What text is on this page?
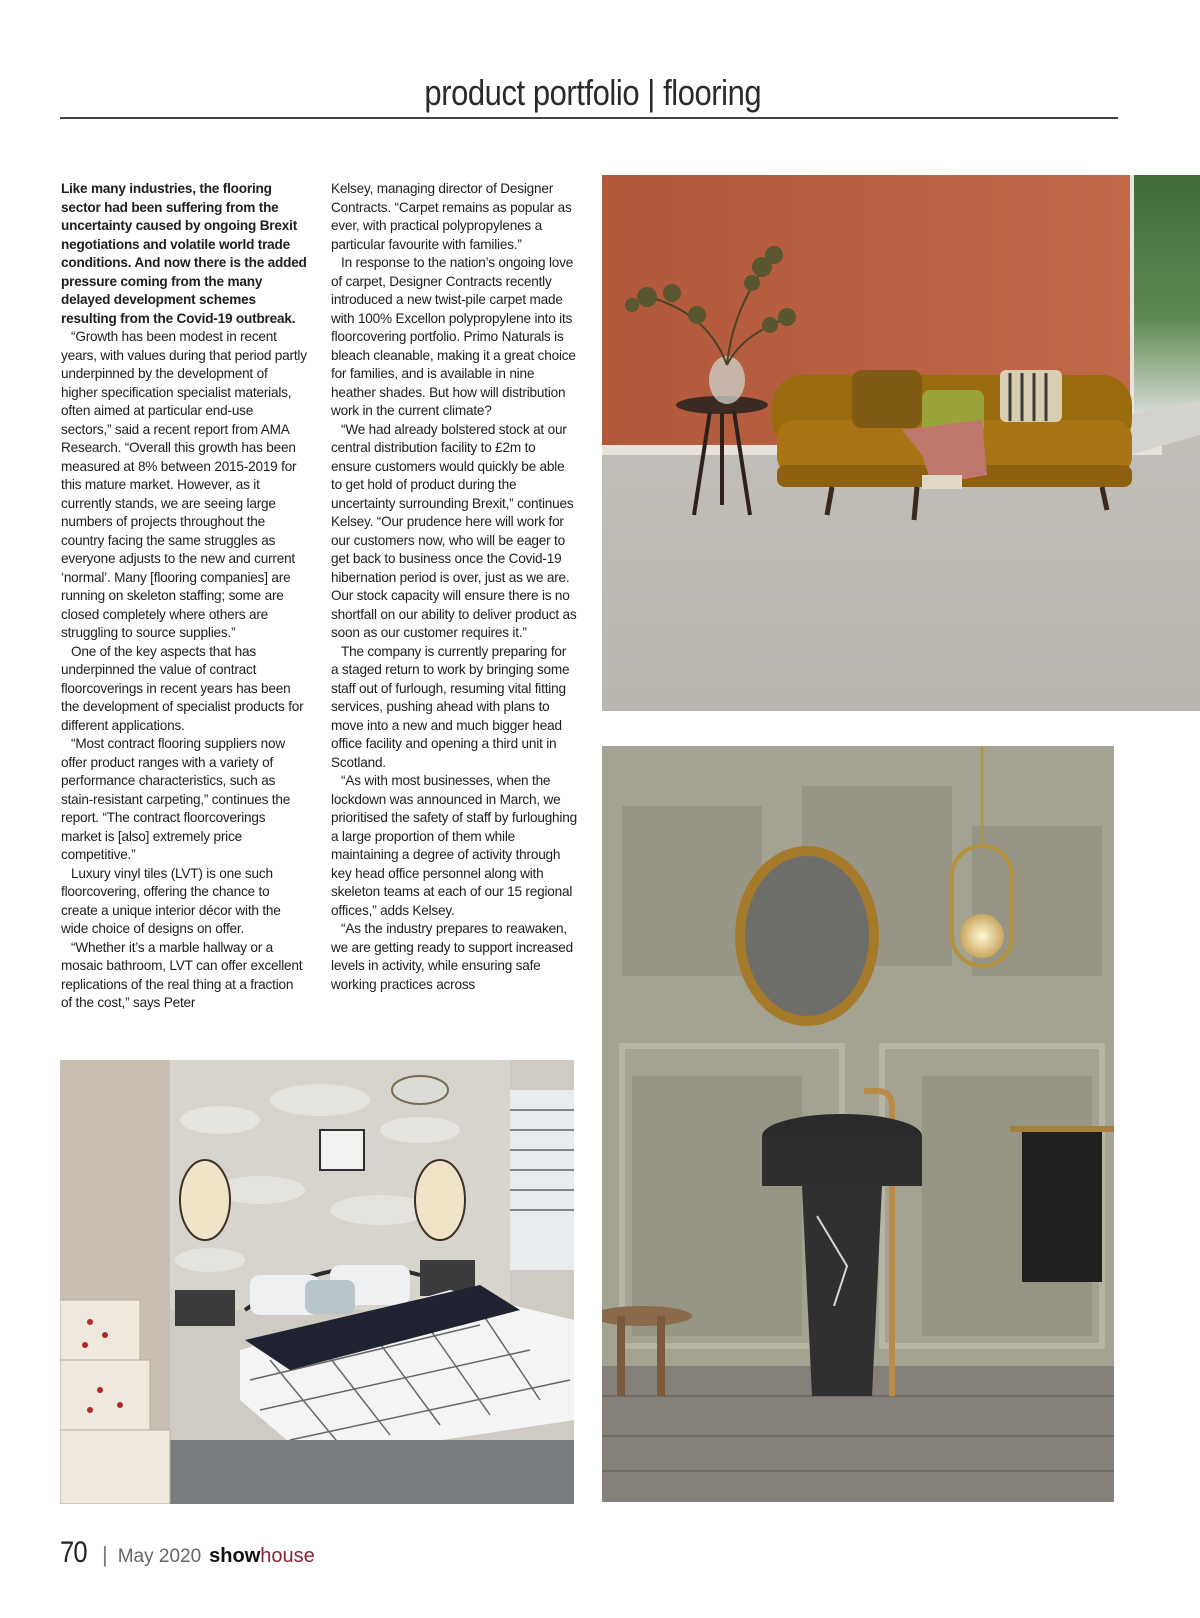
product portfolio | flooring

Like many industries, the flooring sector had been suffering from the uncertainty caused by ongoing Brexit negotiations and volatile world trade conditions. And now there is the added pressure coming from the many delayed development schemes resulting from the Covid-19 outbreak.

“Growth has been modest in recent years, with values during that period partly underpinned by the development of higher specification specialist materials, often aimed at particular end-use sectors,” said a recent report from AMA Research. “Overall this growth has been measured at 8% between 2015-2019 for this mature market. However, as it currently stands, we are seeing large numbers of projects throughout the country facing the same struggles as everyone adjusts to the new and current ‘normal’. Many [flooring companies] are running on skeleton staffing; some are closed completely where others are struggling to source supplies.”

One of the key aspects that has underpinned the value of contract floorcoverings in recent years has been the development of specialist products for different applications.

“Most contract flooring suppliers now offer product ranges with a variety of performance characteristics, such as stain-resistant carpeting,” continues the report. “The contract floorcoverings market is [also] extremely price competitive.”

Luxury vinyl tiles (LVT) is one such floorcovering, offering the chance to create a unique interior décor with the wide choice of designs on offer.

“Whether it’s a marble hallway or a mosaic bathroom, LVT can offer excellent replications of the real thing at a fraction of the cost,” says Peter

Kelsey, managing director of Designer Contracts. “Carpet remains as popular as ever, with practical polypropylenes a particular favourite with families.”

In response to the nation’s ongoing love of carpet, Designer Contracts recently introduced a new twist-pile carpet made with 100% Excellon polypropylene into its floorcovering portfolio. Primo Naturals is bleach cleanable, making it a great choice for families, and is available in nine heather shades. But how will distribution work in the current climate?

“We had already bolstered stock at our central distribution facility to £2m to ensure customers would quickly be able to get hold of product during the uncertainty surrounding Brexit,” continues Kelsey. “Our prudence here will work for our customers now, who will be eager to get back to business once the Covid-19 hibernation period is over, just as we are. Our stock capacity will ensure there is no shortfall on our ability to deliver product as soon as our customer requires it.”

The company is currently preparing for a staged return to work by bringing some staff out of furlough, resuming vital fitting services, pushing ahead with plans to move into a new and much bigger head office facility and opening a third unit in Scotland.

“As with most businesses, when the lockdown was announced in March, we prioritised the safety of staff by furloughing a large proportion of them while maintaining a degree of activity through key head office personnel along with skeleton teams at each of our 15 regional offices,” adds Kelsey.

“As the industry prepares to reawaken, we are getting ready to support increased levels in activity, while ensuring safe working practices across

70 | May 2020 show house
